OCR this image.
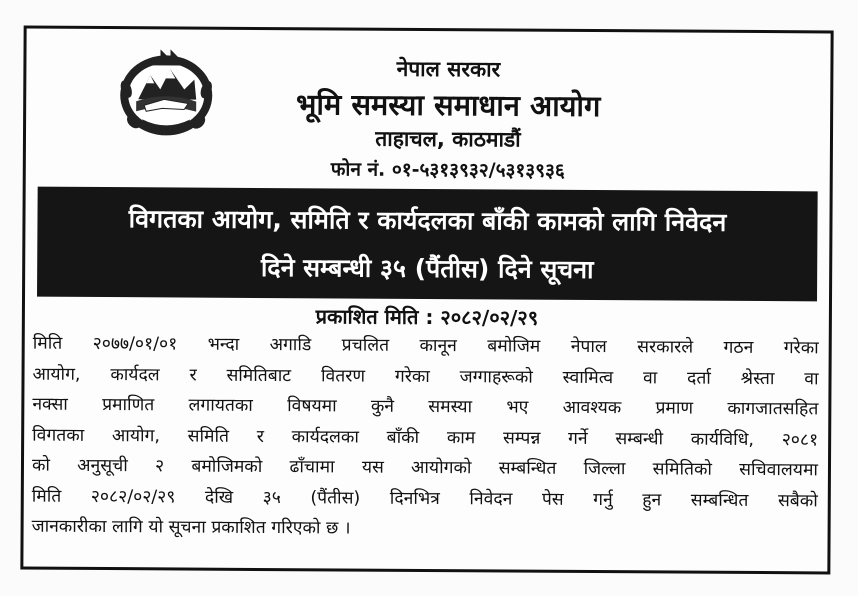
नेपाल सरकार
भूमि समस्या समाधान आयोग
ताहाचल, काठमाडौं
फोन नं. ०१-५३१३९३२/५३१३९३६
विगतका आयोग, समिति र कार्यदलका बाँकी कामको लागि निवेदन
दिने सम्बन्धी ३५ (पैंतीस) दिने सूचना
प्रकाशित मिति : २०८२/०२/२९
मिति २०७७/०१/०१ भन्दा अगाडि प्रचलित कानून बमोजिम नेपाल सरकारले गठन गरेका
आयोग, कार्यदल र समितिबाट वितरण गरेका जग्गाहरूको स्वामित्व वा दर्ता श्रेस्ता वा
नक्सा प्रमाणित लगायतका विषयमा कुनै समस्या भए आवश्यक प्रमाण कागजातसहित
विगतका आयोग, समिति र कार्यदलका बाँकी काम सम्पन्न गर्ने सम्बन्धी कार्यविधि, २०८१
को अनुसूची २ बमोजिमको ढाँचामा यस आयोगको सम्बन्धित जिल्ला समितिको सचिवालयमा
मिति २०८२/०२/२९ देखि ३५ (पैंतीस) दिनभित्र निवेदन पेस गर्नु हुन सम्बन्धित सबैको
जानकारीका लागि यो सूचना प्रकाशित गरिएको छ ।
